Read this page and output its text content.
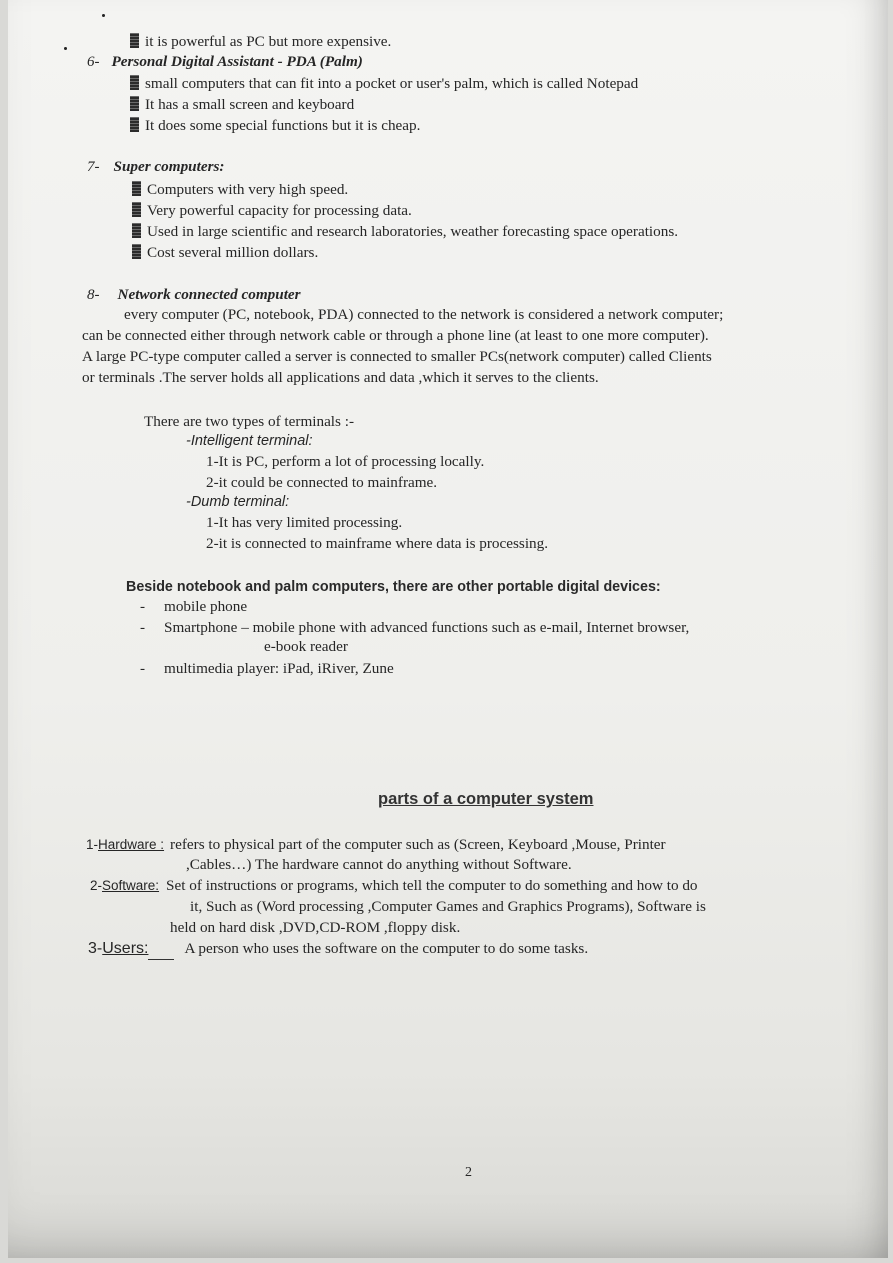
it is powerful as PC but more expensive.
6- Personal Digital Assistant - PDA (Palm)
small computers that can fit into a pocket or user's palm, which is called Notepad
It has a small screen and keyboard
It does some special functions but it is cheap.
7- Super computers:
Computers with very high speed.
Very powerful capacity for processing data.
Used in large scientific and research laboratories, weather forecasting space operations.
Cost several million dollars.
8- Network connected computer
every computer (PC, notebook, PDA) connected to the network is considered a network computer;
can be connected either through network cable or through a phone line (at least to one more computer).
A large PC-type computer called a server is connected to smaller PCs(network computer) called Clients
or terminals .The server holds all applications and data ,which it serves to the clients.
There are two types of terminals :-
-Intelligent terminal:
1-It is PC, perform a lot of processing locally.
2-it could be connected to mainframe.
-Dumb terminal:
1-It has very limited processing.
2-it is connected to mainframe where data is processing.
Beside notebook and palm computers, there are other portable digital devices:
- mobile phone
- Smartphone – mobile phone with advanced functions such as e-mail, Internet browser,
e-book reader
- multimedia player: iPad, iRiver, Zune
parts of a computer system
1-Hardware : refers to physical part of the computer such as (Screen, Keyboard ,Mouse, Printer
,Cables…) The hardware cannot do anything without Software.
2-Software: Set of instructions or programs, which tell the computer to do something and how to do
it, Such as (Word processing ,Computer Games and Graphics Programs), Software is
held on hard disk ,DVD,CD-ROM ,floppy disk.
3-Users: A person who uses the software on the computer to do some tasks.
2
